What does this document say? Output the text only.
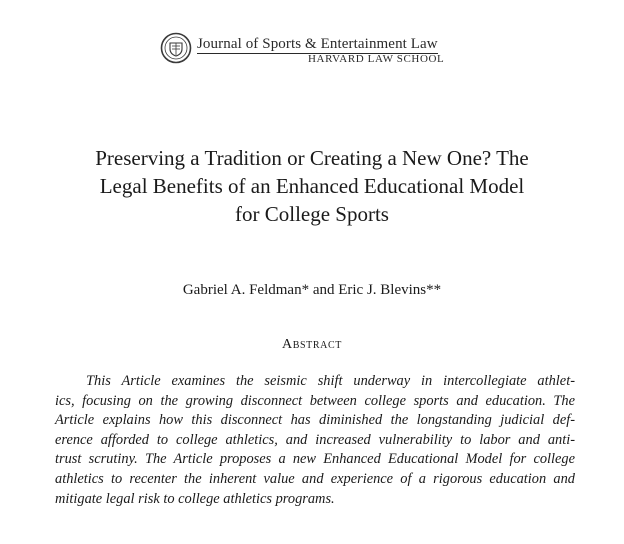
Journal of Sports & Entertainment Law
HARVARD LAW SCHOOL
Preserving a Tradition or Creating a New One? The
Legal Benefits of an Enhanced Educational Model
for College Sports
Gabriel A. Feldman* and Eric J. Blevins**
Abstract
This Article examines the seismic shift underway in intercollegiate athlet-
ics, focusing on the growing disconnect between college sports and education. The
Article explains how this disconnect has diminished the longstanding judicial def-
erence afforded to college athletics, and increased vulnerability to labor and anti-
trust scrutiny. The Article proposes a new Enhanced Educational Model for college
athletics to recenter the inherent value and experience of a rigorous education and
mitigate legal risk to college athletics programs.
